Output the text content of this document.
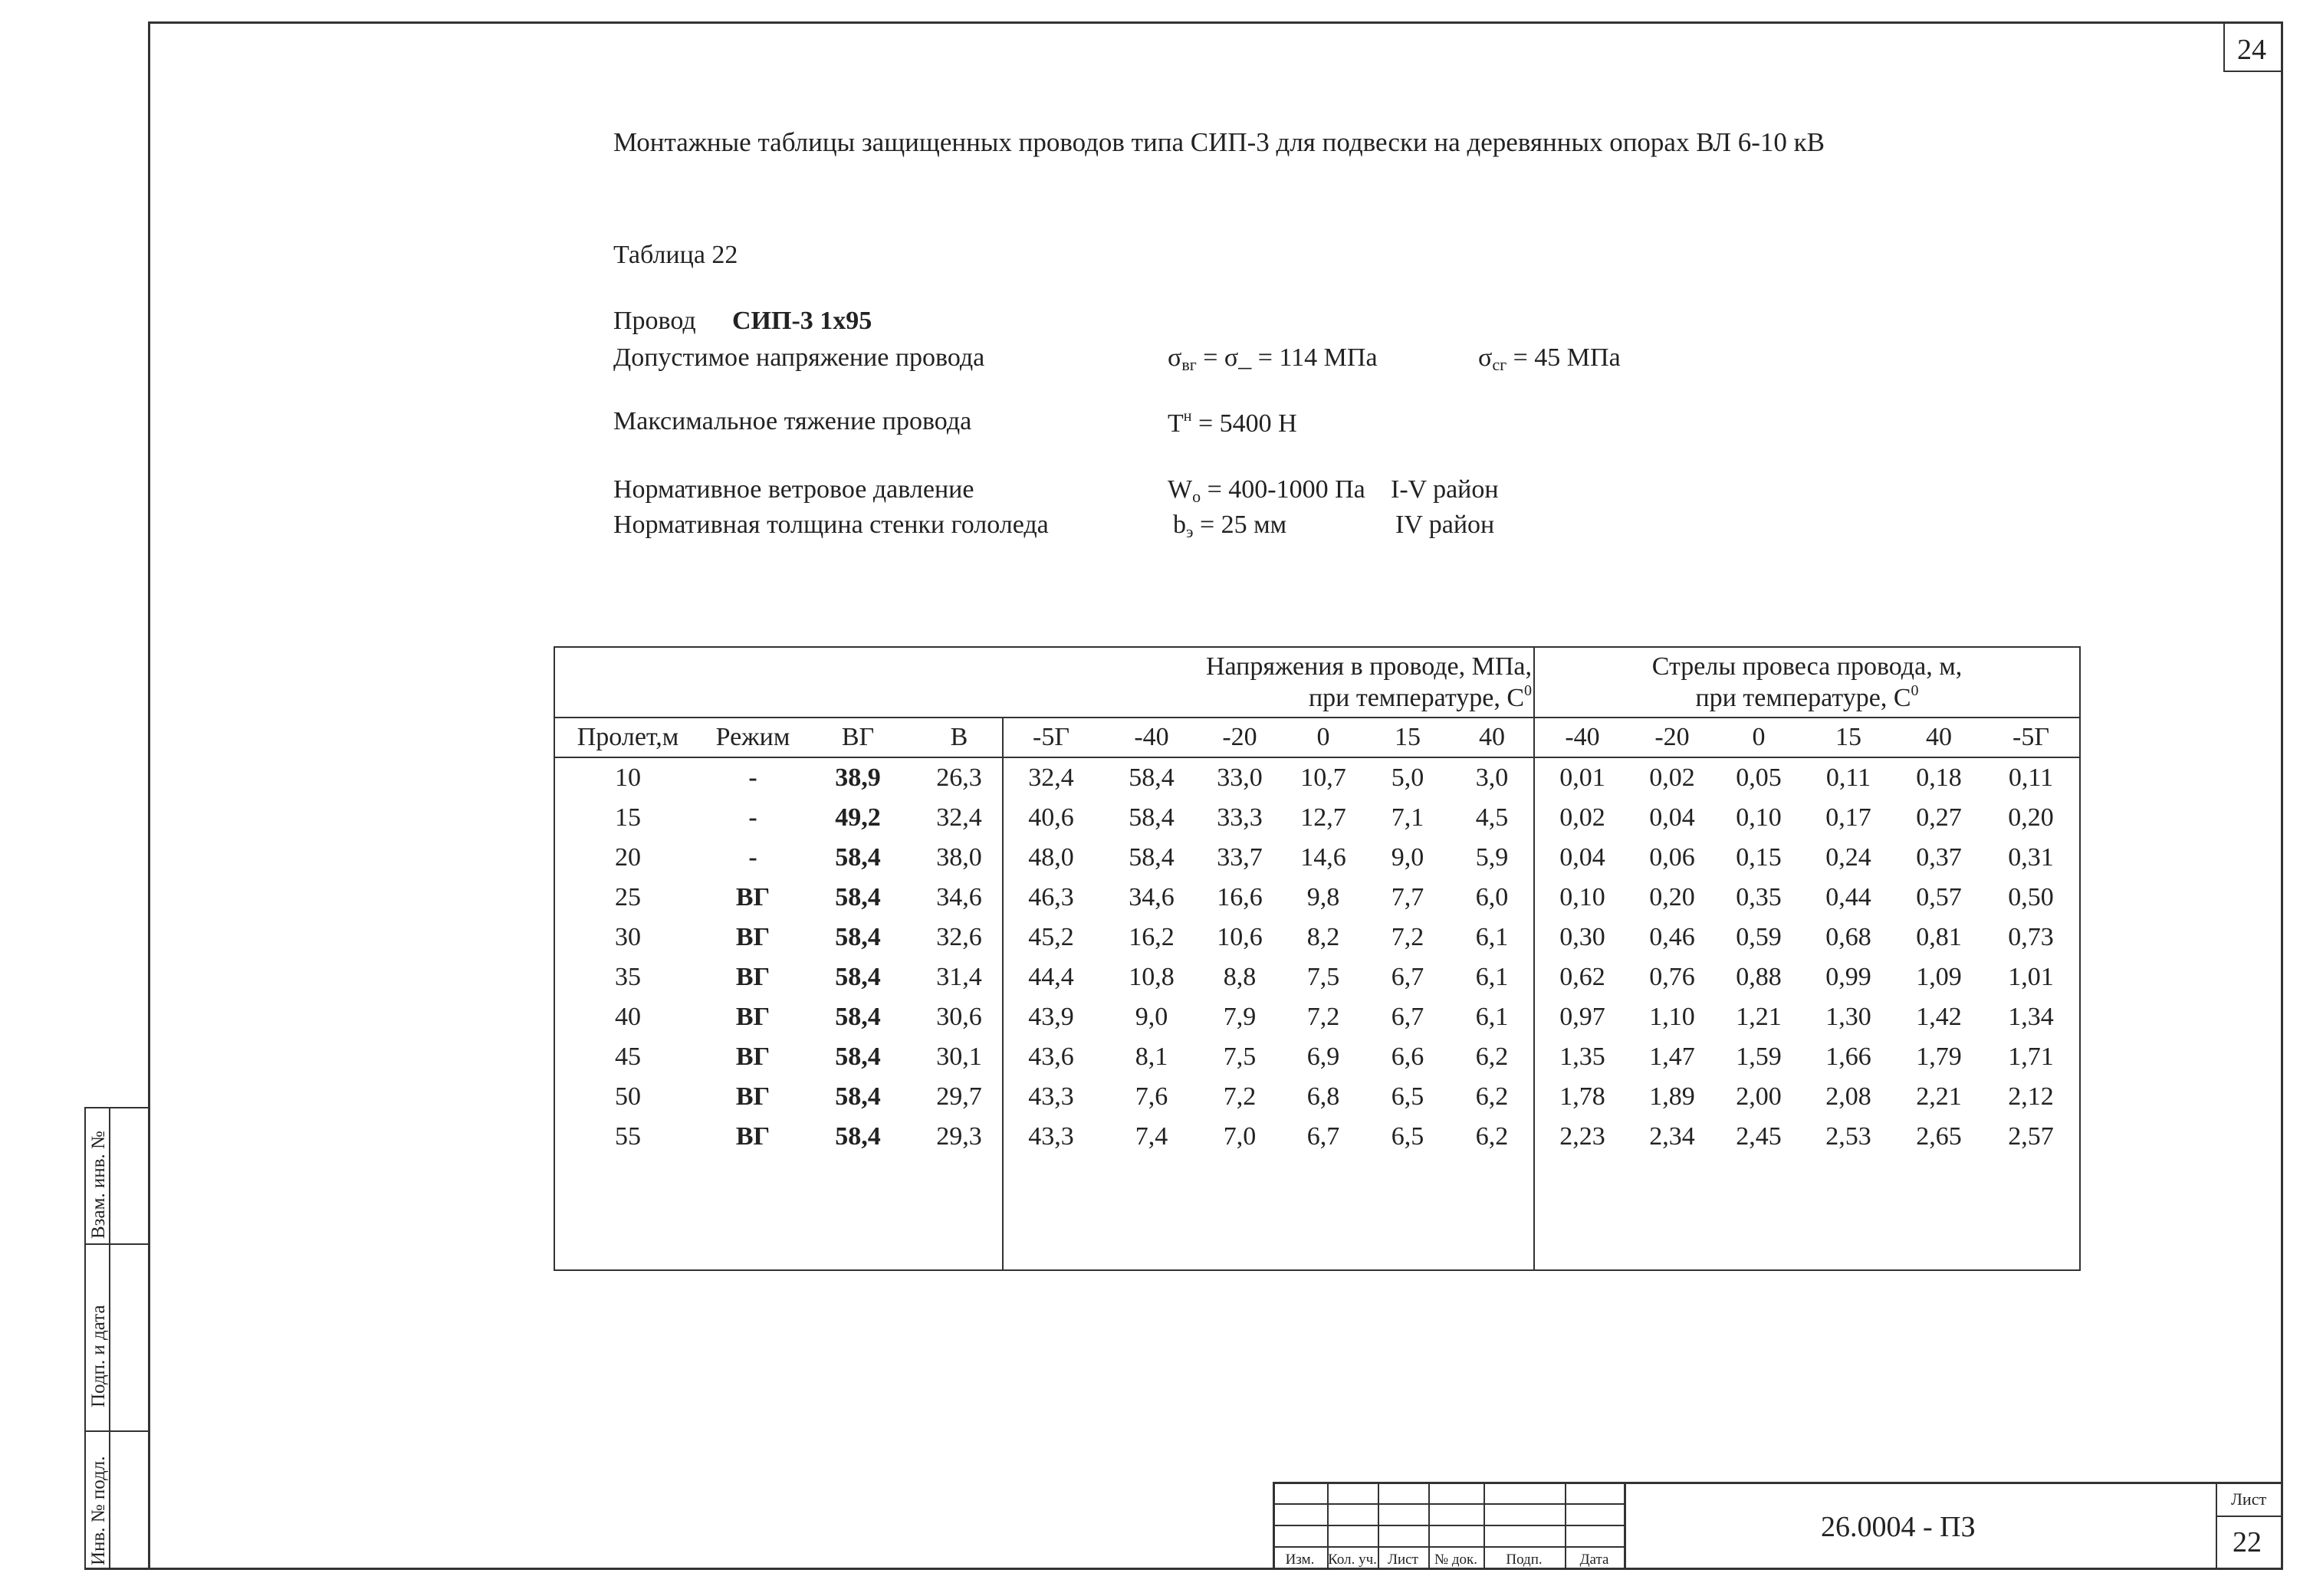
24
Монтажные таблицы защищенных проводов типа СИП-3 для подвески на деревянных опорах ВЛ 6-10 кВ
Таблица 22
Провод СИП-3 1x95
Допустимое напряжение провода	$\sigma_{вг}$ = σ_ = 114 МПа	$\sigma_{сг} = 45$ МПа
Максимальное тяжение провода	$T^н = 5400$ Н
Нормативное ветровое давление	$W_o = 400-1000$ Па I-V район
Нормативная толщина стенки гололеда	$b_э = 25$ мм	IV район
Напряжения в проводе, МПа,
при температуре, $С^0$
Стрелы провеса провода, м,
при температуре, $С^0$
Пролет,м	Режим	ВГ	В	-5Г	-40	-20	0	15	40	-40	-20	0	15	40	-5Г
10	-	38,9	26,3	32,4	58,4	33,0	10,7	5,0	3,0	0,01	0,02	0,05	0,11	0,18	0,11
15	-	49,2	32,4	40,6	58,4	33,3	12,7	7,1	4,5	0,02	0,04	0,10	0,17	0,27	0,20
20	-	58,4	38,0	48,0	58,4	33,7	14,6	9,0	5,9	0,04	0,06	0,15	0,24	0,37	0,31
25	ВГ	58,4	34,6	46,3	34,6	16,6	9,8	7,7	6,0	0,10	0,20	0,35	0,44	0,57	0,50
30	ВГ	58,4	32,6	45,2	16,2	10,6	8,2	7,2	6,1	0,30	0,46	0,59	0,68	0,81	0,73
35	ВГ	58,4	31,4	44,4	10,8	8,8	7,5	6,7	6,1	0,62	0,76	0,88	0,99	1,09	1,01
40	ВГ	58,4	30,6	43,9	9,0	7,9	7,2	6,7	6,1	0,97	1,10	1,21	1,30	1,42	1,34
45	ВГ	58,4	30,1	43,6	8,1	7,5	6,9	6,6	6,2	1,35	1,47	1,59	1,66	1,79	1,71
50	ВГ	58,4	29,7	43,3	7,6	7,2	6,8	6,5	6,2	1,78	1,89	2,00	2,08	2,21	2,12
55	ВГ	58,4	29,3	43,3	7,4	7,0	6,7	6,5	6,2	2,23	2,34	2,45	2,53	2,65	2,57
Изм. Кол. уч. Лист	№ док.	Подп.	Дата
26.0004 - ПЗ
Лист
22
Взам. инв. №
Подп. и дата
Инв. № подл.
